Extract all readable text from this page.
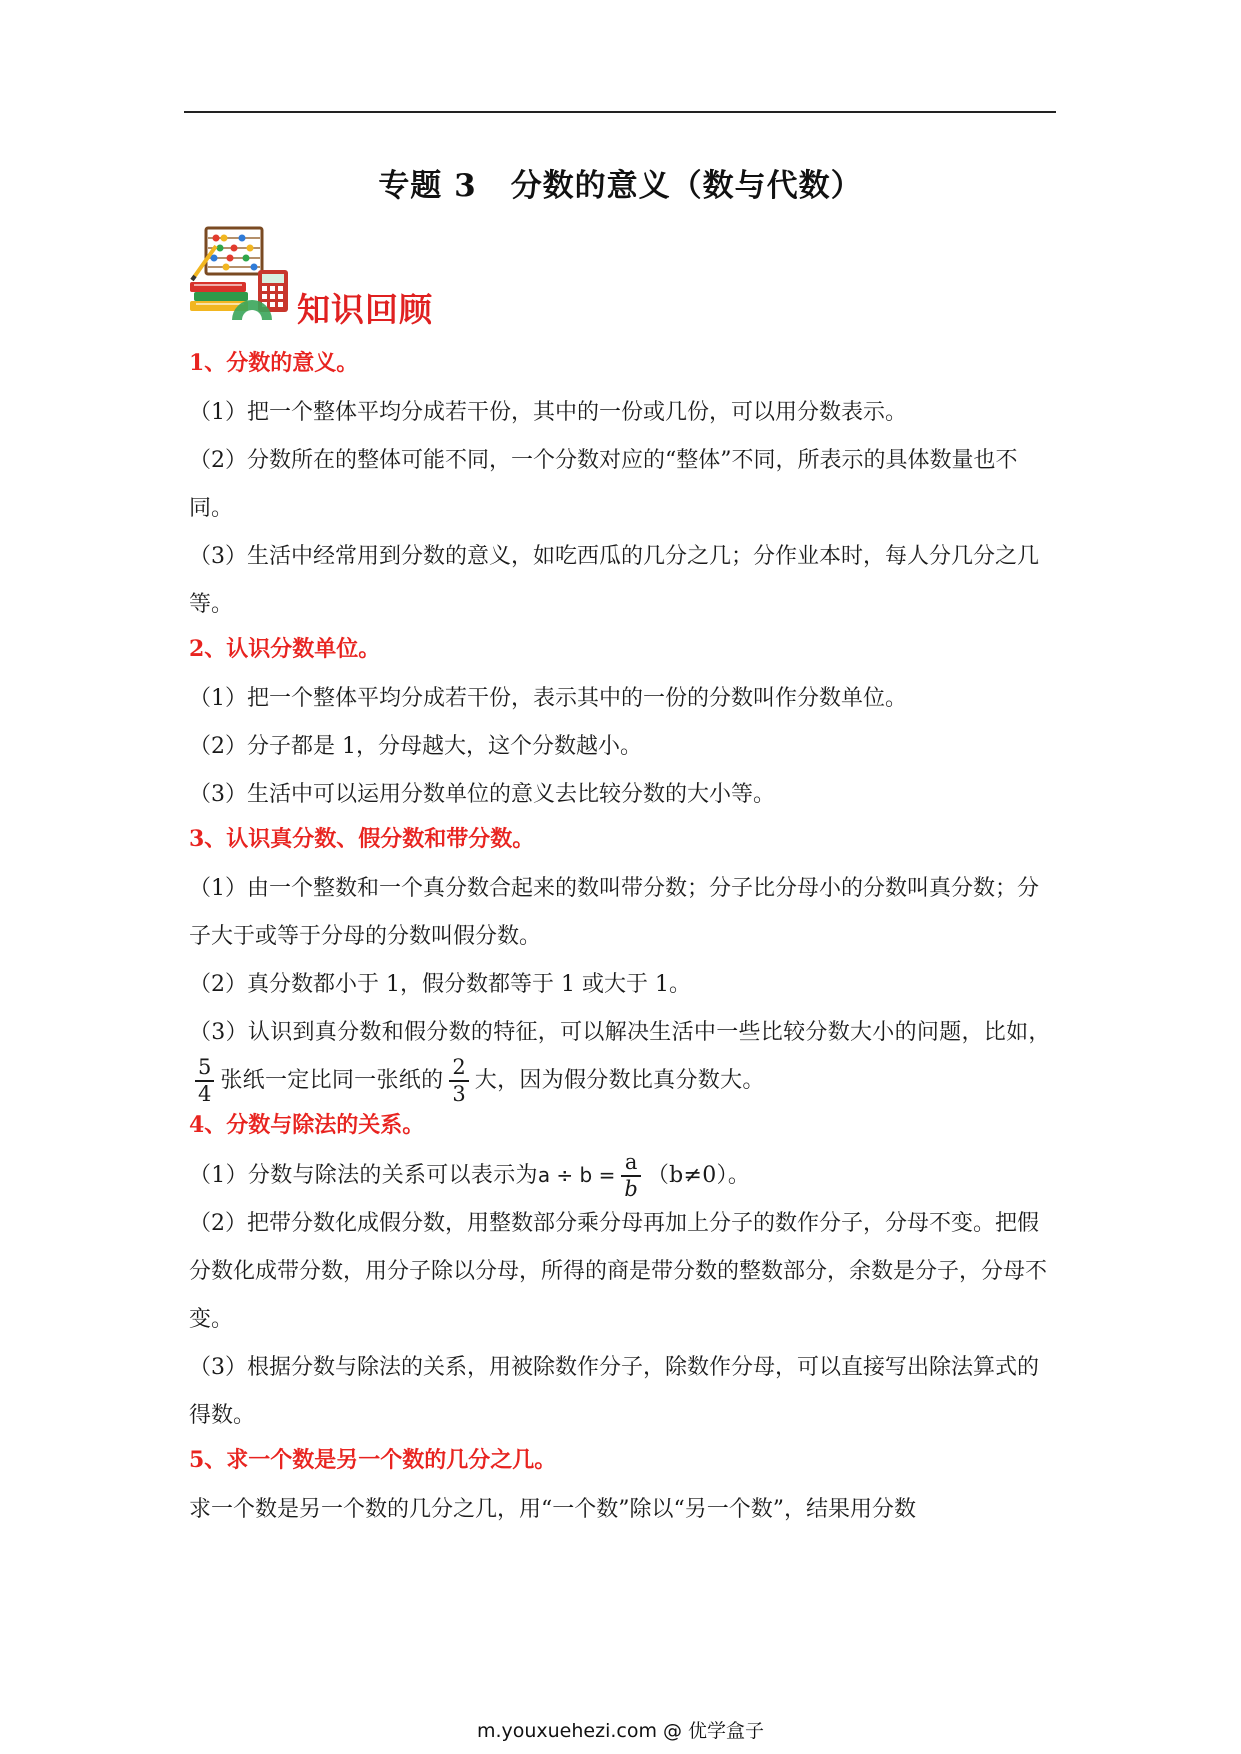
专题 3 分数的意义（数与代数）
知识回顾
1、分数的意义。

（1）把一个整体平均分成若干份，其中的一份或几份，可以用分数表示。

（2）分数所在的整体可能不同，一个分数对应的“整体”不同，所表示的具体数量也不同。

（3）生活中经常用到分数的意义，如吃西瓜的几分之几；分作业本时，每人分几分之几等。

2、认识分数单位。

（1）把一个整体平均分成若干份，表示其中的一份的分数叫作分数单位。

（2）分子都是 1，分母越大，这个分数越小。

（3）生活中可以运用分数单位的意义去比较分数的大小等。

3、认识真分数、假分数和带分数。

（1）由一个整数和一个真分数合起来的数叫带分数；分子比分母小的分数叫真分数；分子大于或等于分母的分数叫假分数。

（2）真分数都小于 1，假分数都等于 1 或大于 1。

（3）认识到真分数和假分数的特征，可以解决生活中一些比较分数大小的问题，比如，
$\frac{5}{4}$ 张纸一定比同一张纸的 $\frac{2}{3}$ 大，因为假分数比真分数大。

4、分数与除法的关系。

（1）分数与除法的关系可以表示为$a \div b = \frac{a}{b} (b\ne 0)$。

（2）把带分数化成假分数，用整数部分乘分母再加上分子的数作分子，分母不变。把假分数化成带分数，用分子除以分母，所得的商是带分数的整数部分，余数是分子，分母不变。

（3）根据分数与除法的关系，用被除数作分子，除数作分母，可以直接写出除法算式的得数。

5、求一个数是另一个数的几分之几。

求一个数是另一个数的几分之几，用“一个数”除以“另一个数”，结果用分数

m.youxuehezi.com @ 优学盒子
